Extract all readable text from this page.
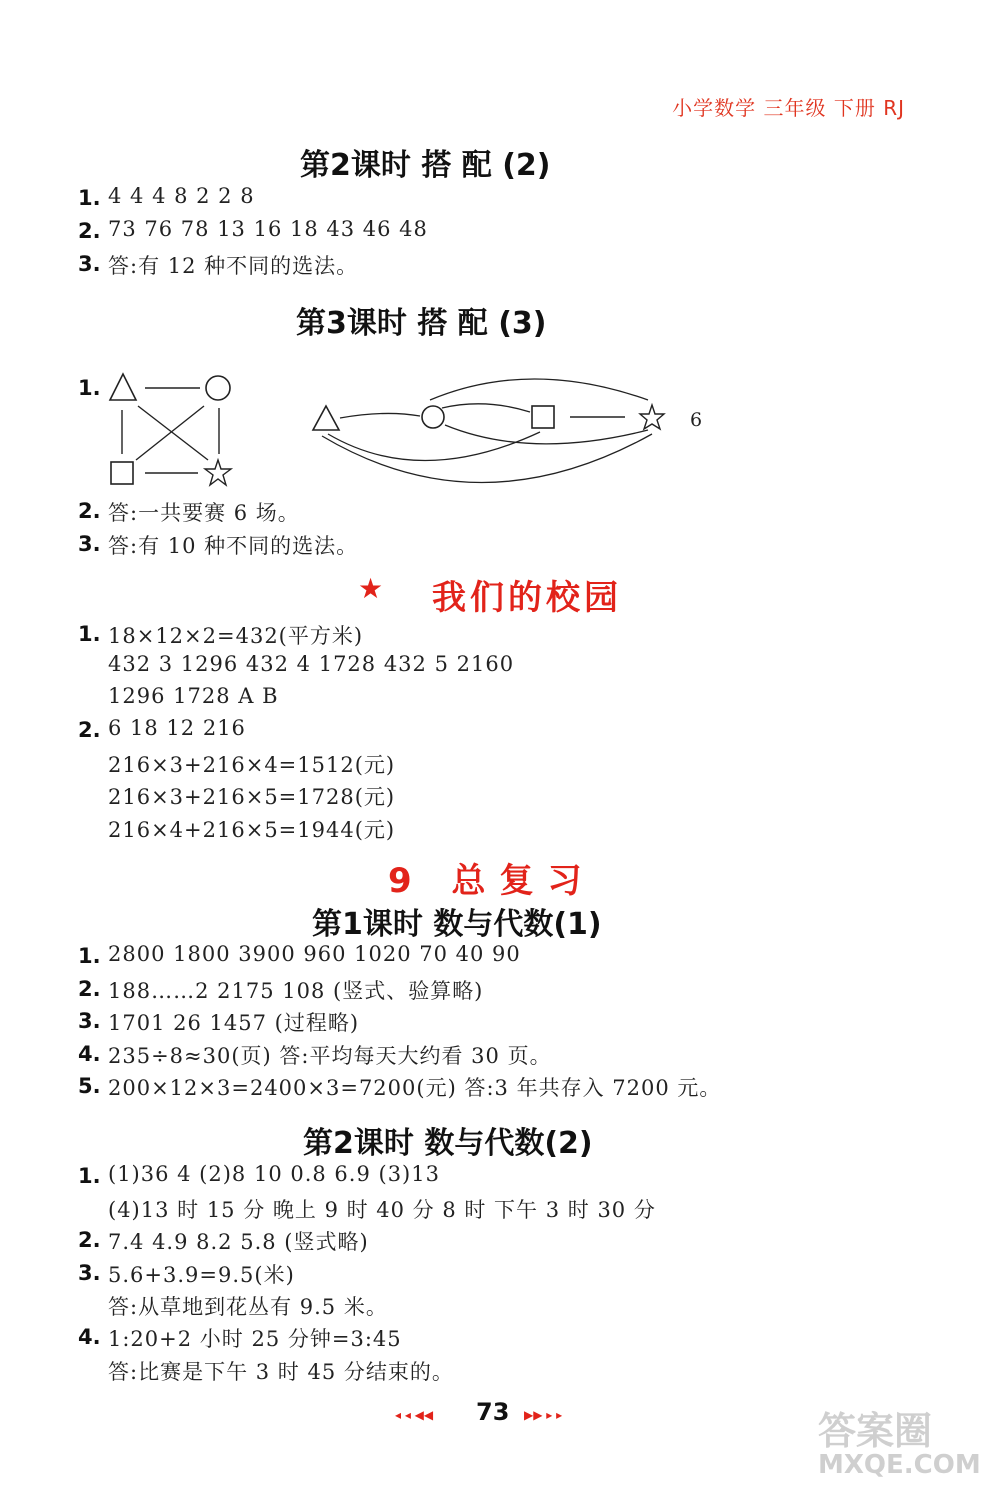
小学数学 三年级 下册 RJ
第2课时 搭 配 (2)
1. 4 4 4 8 2 2 8
2. 73 76 78 13 16 18 43 46 48
3. 答:有 12 种不同的选法。
第3课时 搭 配 (3)
1.
6
2. 答:一共要赛 6 场。
3. 答:有 10 种不同的选法。
★ 我们的校园
1. 18×12×2=432(平方米)
432 3 1296 432 4 1728 432 5 2160
1296 1728 A B
2. 6 18 12 216
216×3+216×4=1512(元)
216×3+216×5=1728(元)
216×4+216×5=1944(元)
9 总复习
第1课时 数与代数(1)
1. 2800 1800 3900 960 1020 70 40 90
2. 188……2 2175 108 (竖式、验算略)
3. 1701 26 1457 (过程略)
4. 235÷8≈30(页) 答:平均每天大约看 30 页。
5. 200×12×3=2400×3=7200(元) 答:3 年共存入 7200 元。
第2课时 数与代数(2)
1. (1)36 4 (2)8 10 0.8 6.9 (3)13
(4)13 时 15 分 晚上 9 时 40 分 8 时 下午 3 时 30 分
2. 7.4 4.9 8.2 5.8 (竖式略)
3. 5.6+3.9=9.5(米)
答:从草地到花丛有 9.5 米。
4. 1:20+2 小时 25 分钟=3:45
答:比赛是下午 3 时 45 分结束的。
◂ ◂ ◀◀ 73 ▶▶ ▸ ▸	答案圈
MXQE.COM
